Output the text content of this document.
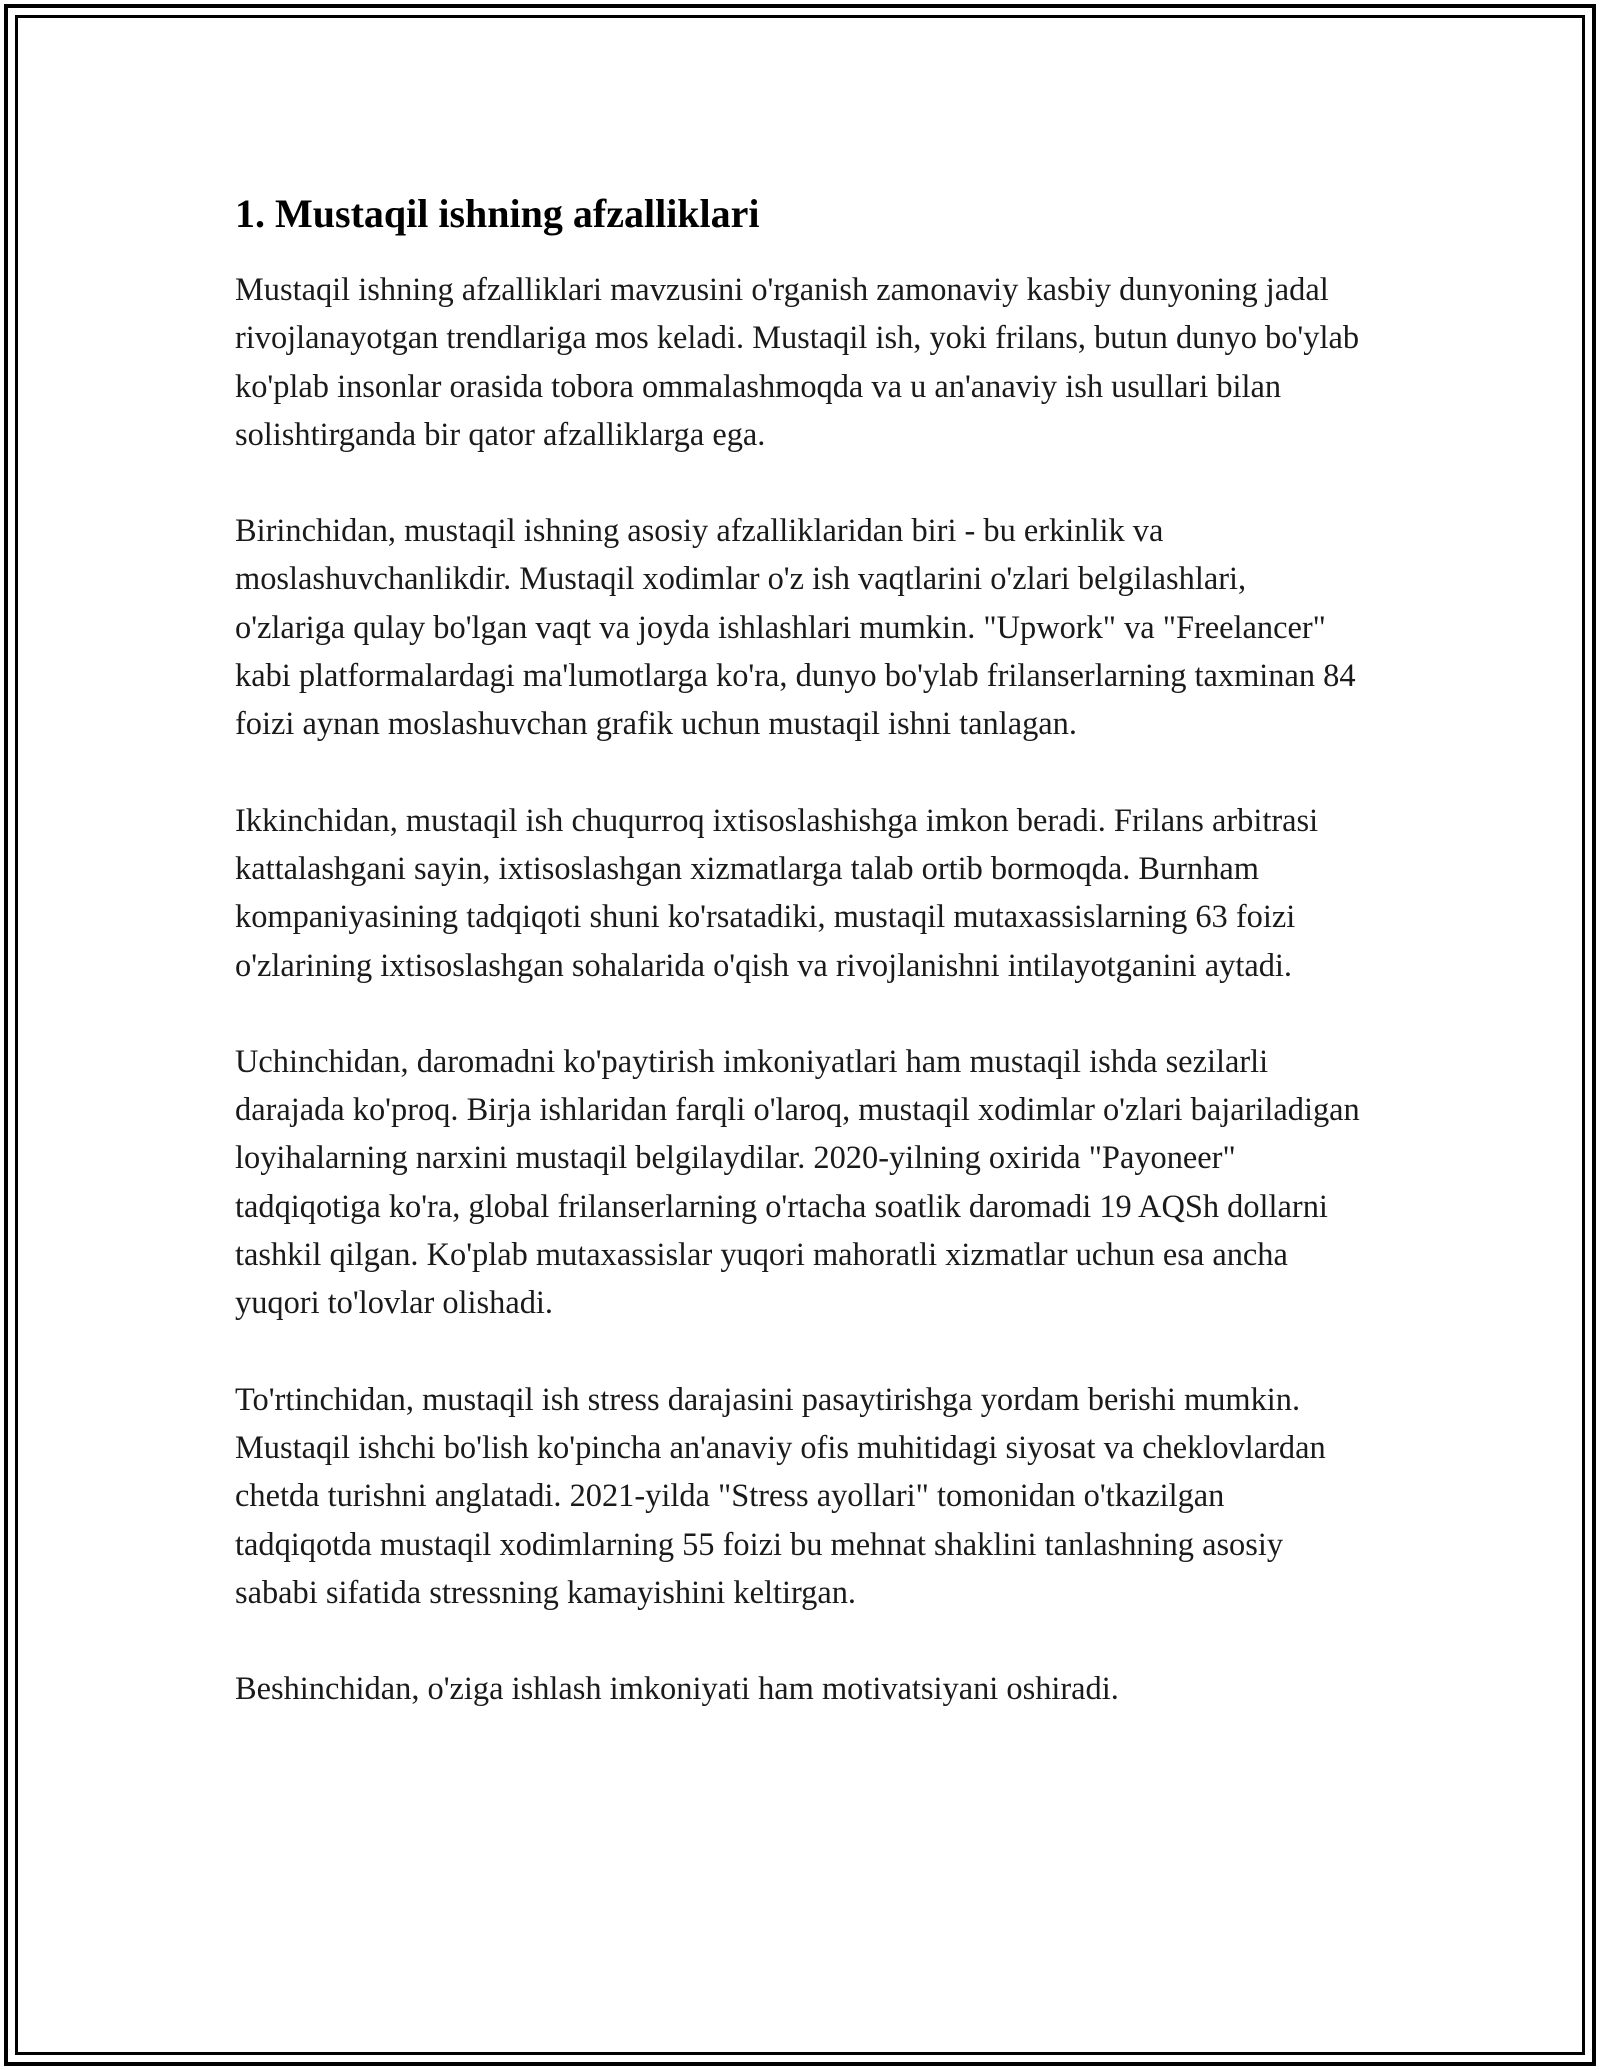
1. Mustaqil ishning afzalliklari

Mustaqil ishning afzalliklari mavzusini o'rganish zamonaviy kasbiy dunyoning jadal rivojlanayotgan trendlariga mos keladi. Mustaqil ish, yoki frilans, butun dunyo bo'ylab ko'plab insonlar orasida tobora ommalashmoqda va u an'anaviy ish usullari bilan solishtirganda bir qator afzalliklarga ega.

Birinchidan, mustaqil ishning asosiy afzalliklaridan biri - bu erkinlik va moslashuvchanlikdir. Mustaqil xodimlar o'z ish vaqtlarini o'zlari belgilashlari, o'zlariga qulay bo'lgan vaqt va joyda ishlashlari mumkin. "Upwork" va "Freelancer" kabi platformalardagi ma'lumotlarga ko'ra, dunyo bo'ylab frilanserlarning taxminan 84 foizi aynan moslashuvchan grafik uchun mustaqil ishni tanlagan.

Ikkinchidan, mustaqil ish chuqurroq ixtisoslashishga imkon beradi. Frilans arbitrasi kattalashgani sayin, ixtisoslashgan xizmatlarga talab ortib bormoqda. Burnham kompaniyasining tadqiqoti shuni ko'rsatadiki, mustaqil mutaxassislarning 63 foizi o'zlarining ixtisoslashgan sohalarida o'qish va rivojlanishni intilayotganini aytadi.

Uchinchidan, daromadni ko'paytirish imkoniyatlari ham mustaqil ishda sezilarli darajada ko'proq. Birja ishlaridan farqli o'laroq, mustaqil xodimlar o'zlari bajariladigan loyihalarning narxini mustaqil belgilaydilar. 2020-yilning oxirida "Payoneer" tadqiqotiga ko'ra, global frilanserlarning o'rtacha soatlik daromadi 19 AQSh dollarni tashkil qilgan. Ko'plab mutaxassislar yuqori mahoratli xizmatlar uchun esa ancha yuqori to'lovlar olishadi.

To'rtinchidan, mustaqil ish stress darajasini pasaytirishga yordam berishi mumkin. Mustaqil ishchi bo'lish ko'pincha an'anaviy ofis muhitidagi siyosat va cheklovlardan chetda turishni anglatadi. 2021-yilda "Stress ayollari" tomonidan o'tkazilgan tadqiqotda mustaqil xodimlarning 55 foizi bu mehnat shaklini tanlashning asosiy sababi sifatida stressning kamayishini keltirgan.

Beshinchidan, o'ziga ishlash imkoniyati ham motivatsiyani oshiradi.
